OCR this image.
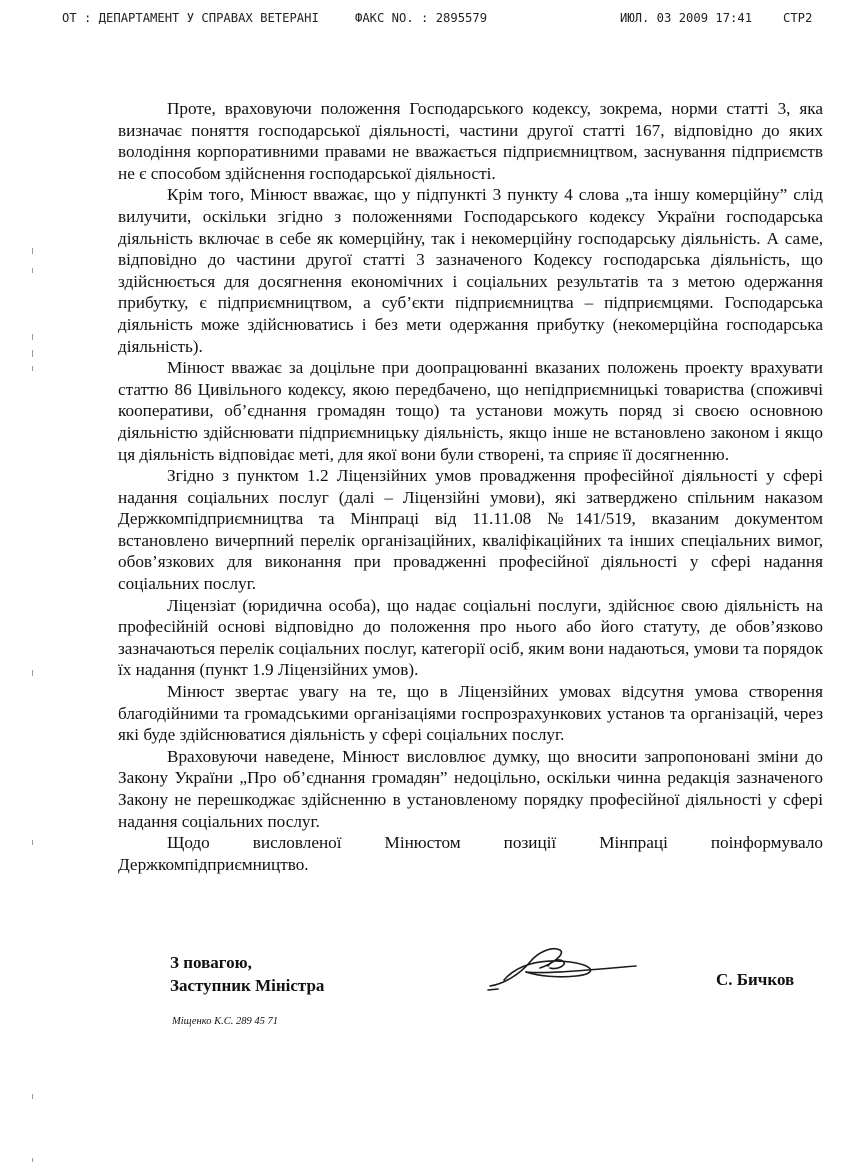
ОТ : ДЕПАРТАМЕНТ У СПРАВАХ ВЕТЕРАНІ

	ФАКС NO. : 2895579

	ИЮЛ. 03 2009 17:41

	СТР2

Проте, враховуючи положення Господарського кодексу, зокрема, норми статті 3, яка визначає поняття господарської діяльності, частини другої статті 167, відповідно до яких володіння корпоративними правами не вважається підприємництвом, заснування підприємств не є способом здійснення господарської діяльності.

Крім того, Мінюст вважає, що у підпункті 3 пункту 4 слова „та іншу комерційну” слід вилучити, оскільки згідно з положеннями Господарського кодексу України господарська діяльність включає в себе як комерційну, так і некомерційну господарську діяльність. А саме, відповідно до частини другої статті 3 зазначеного Кодексу господарська діяльність, що здійснюється для досягнення економічних і соціальних результатів та з метою одержання прибутку, є підприємництвом, а суб’єкти підприємництва – підприємцями. Господарська діяльність може здійснюватись і без мети одержання прибутку (некомерційна господарська діяльність).

Мінюст вважає за доцільне при доопрацюванні вказаних положень проекту врахувати статтю 86 Цивільного кодексу, якою передбачено, що непідприємницькі товариства (споживчі кооперативи, об’єднання громадян тощо) та установи можуть поряд зі своєю основною діяльністю здійснювати підприємницьку діяльність, якщо інше не встановлено законом і якщо ця діяльність відповідає меті, для якої вони були створені, та сприяє її досягненню.

Згідно з пунктом 1.2 Ліцензійних умов провадження професійної діяльності у сфері надання соціальних послуг (далі – Ліцензійні умови), які затверджено спільним наказом Держкомпідприємництва та Мінпраці від 11.11.08 №141/519, вказаним документом встановлено вичерпний перелік організаційних, кваліфікаційних та інших спеціальних вимог, обов’язкових для виконання при провадженні професійної діяльності у сфері надання соціальних послуг.

Ліцензіат (юридична особа), що надає соціальні послуги, здійснює свою діяльність на професійній основі відповідно до положення про нього або його статуту, де обов’язково зазначаються перелік соціальних послуг, категорії осіб, яким вони надаються, умови та порядок їх надання (пункт 1.9 Ліцензійних умов).

Мінюст звертає увагу на те, що в Ліцензійних умовах відсутня умова створення благодійними та громадськими організаціями госпрозрахункових установ та організацій, через які буде здійснюватися діяльність у сфері соціальних послуг.

Враховуючи наведене, Мінюст висловлює думку, що вносити запропоновані зміни до Закону України „Про об’єднання громадян” недоцільно, оскільки чинна редакція зазначеного Закону не перешкоджає здійсненню в установленому порядку професійної діяльності у сфері надання соціальних послуг.

Щодо висловленої Мінюстом позиції Мінпраці поінформувало Держкомпідприємництво.

З повагою,
Заступник Міністра	С. Бичков
Міщенко К.С. 289 45 71
